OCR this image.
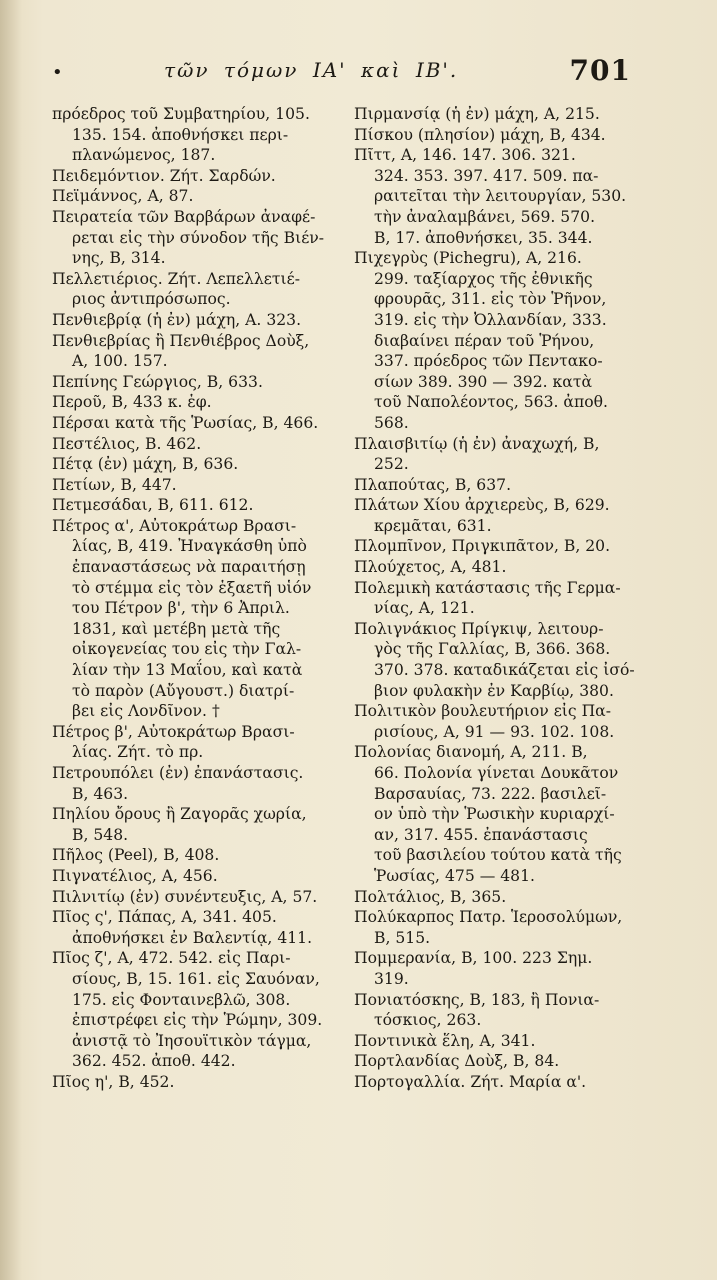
•	τῶν τόμων ΙΑ' καὶ ΙΒ'.	701
πρόεδρος τοῦ Συμβατηρίου, 105.
135. 154. ἀποθνήσκει περι-
πλανώμενος, 187.
Πειδεμόντιον. Ζήτ. Σαρδών.
Πεϊμάννος, Α, 87.
Πειρατεία τῶν Βαρβάρων ἀναφέ-
ρεται εἰς τὴν σύνοδον τῆς Βιέν-
νης, Β, 314.
Πελλετιέριος. Ζήτ. Λεπελλετιέ-
ριος ἀντιπρόσωπος.
Πενθιεβρίᾳ (ἡ ἐν) μάχη, Α. 323.
Πενθιεβρίας ἢ Πενθιέβρος Δοὺξ,
Α, 100. 157.
Πεπίνης Γεώργιος, Β, 633.
Περοῦ, Β, 433 κ. ἑφ.
Πέρσαι κατὰ τῆς Ῥωσίας, Β, 466.
Πεστέλιος, Β. 462.
Πέτᾳ (ἐν) μάχη, Β, 636.
Πετίων, Β, 447.
Πετμεσάδαι, Β, 611. 612.
Πέτρος α', Αὐτοκράτωρ Βρασι-
λίας, Β, 419. Ἠναγκάσθη ὑπὸ
ἐπαναστάσεως νὰ παραιτήσῃ
τὸ στέμμα εἰς τὸν ἑξαετῆ υἱόν
του Πέτρον β', τὴν 6 Ἀπριλ.
1831, καὶ μετέβη μετὰ τῆς
οἰκογενείας του εἰς τὴν Γαλ-
λίαν τὴν 13 Μαΐου, καὶ κατὰ
τὸ παρὸν (Αὔγουστ.) διατρί-
βει εἰς Λονδῖνον. †
Πέτρος β', Αὐτοκράτωρ Βρασι-
λίας. Ζήτ. τὸ πρ.
Πετρουπόλει (ἐν) ἐπανάστασις.
Β, 463.
Πηλίου ὄρους ἢ Ζαγορᾶς χωρία,
Β, 548.
Πῆλος (Peel), Β, 408.
Πιγνατέλιος, Α, 456.
Πιλνιτίῳ (ἐν) συνέντευξις, Α, 57.
Πῖος ς', Πάπας, Α, 341. 405.
ἀποθνήσκει ἐν Βαλεντίᾳ, 411.
Πῖος ζ', Α, 472. 542. εἰς Παρι-
σίους, Β, 15. 161. εἰς Σαυόναν,
175. εἰς Φονταινεβλῶ, 308.
ἐπιστρέφει εἰς τὴν Ῥώμην, 309.
ἀνιστᾷ τὸ Ἰησουϊτικὸν τάγμα,
362. 452. ἀποθ. 442.
Πῖος η', Β, 452.
Πιρμανσίᾳ (ἡ ἐν) μάχη, Α, 215.
Πίσκου (πλησίον) μάχη, Β, 434.
Πῖττ, Α, 146. 147. 306. 321.
324. 353. 397. 417. 509. πα-
ραιτεῖται τὴν λειτουργίαν, 530.
τὴν ἀναλαμβάνει, 569. 570.
Β, 17. ἀποθνήσκει, 35. 344.
Πιχεγρὺς (Pichegru), Α, 216.
299. ταξίαρχος τῆς ἐθνικῆς
φρουρᾶς, 311. εἰς τὸν Ῥῆνον,
319. εἰς τὴν Ὀλλανδίαν, 333.
διαβαίνει πέραν τοῦ Ῥήνου,
337. πρόεδρος τῶν Πεντακο-
σίων 389. 390 — 392. κατὰ
τοῦ Ναπολέοντος, 563. ἀποθ.
568.
Πλαισβιτίῳ (ἡ ἐν) ἀναχωχή, Β,
252.
Πλαπούτας, Β, 637.
Πλάτων Χίου ἀρχιερεὺς, Β, 629.
κρεμᾶται, 631.
Πλομπῖνον, Πριγκιπᾶτον, Β, 20.
Πλούχετος, Α, 481.
Πολεμικὴ κατάστασις τῆς Γερμα-
νίας, Α, 121.
Πολιγνάκιος Πρίγκιψ, λειτουρ-
γὸς τῆς Γαλλίας, Β, 366. 368.
370. 378. καταδικάζεται εἰς ἰσό-
βιον φυλακὴν ἐν Καρβίῳ, 380.
Πολιτικὸν βουλευτήριον εἰς Πα-
ρισίους, Α, 91 — 93. 102. 108.
Πολονίας διανομή, Α, 211. Β,
66. Πολονία γίνεται Δουκᾶτον
Βαρσαυίας, 73. 222. βασιλεῖ-
ον ὑπὸ τὴν Ῥωσικὴν κυριαρχί-
αν, 317. 455. ἐπανάστασις
τοῦ βασιλείου τούτου κατὰ τῆς
Ῥωσίας, 475 — 481.
Πολτάλιος, Β, 365.
Πολύκαρπος Πατρ. Ἱεροσολύμων,
Β, 515.
Πομμερανία, Β, 100. 223 Σημ.
319.
Πονιατόσκης, Β, 183, ἢ Πονια-
τόσκιος, 263.
Ποντινικὰ ἕλη, Α, 341.
Πορτλανδίας Δοὺξ, Β, 84.
Πορτογαλλία. Ζήτ. Μαρία α'.
